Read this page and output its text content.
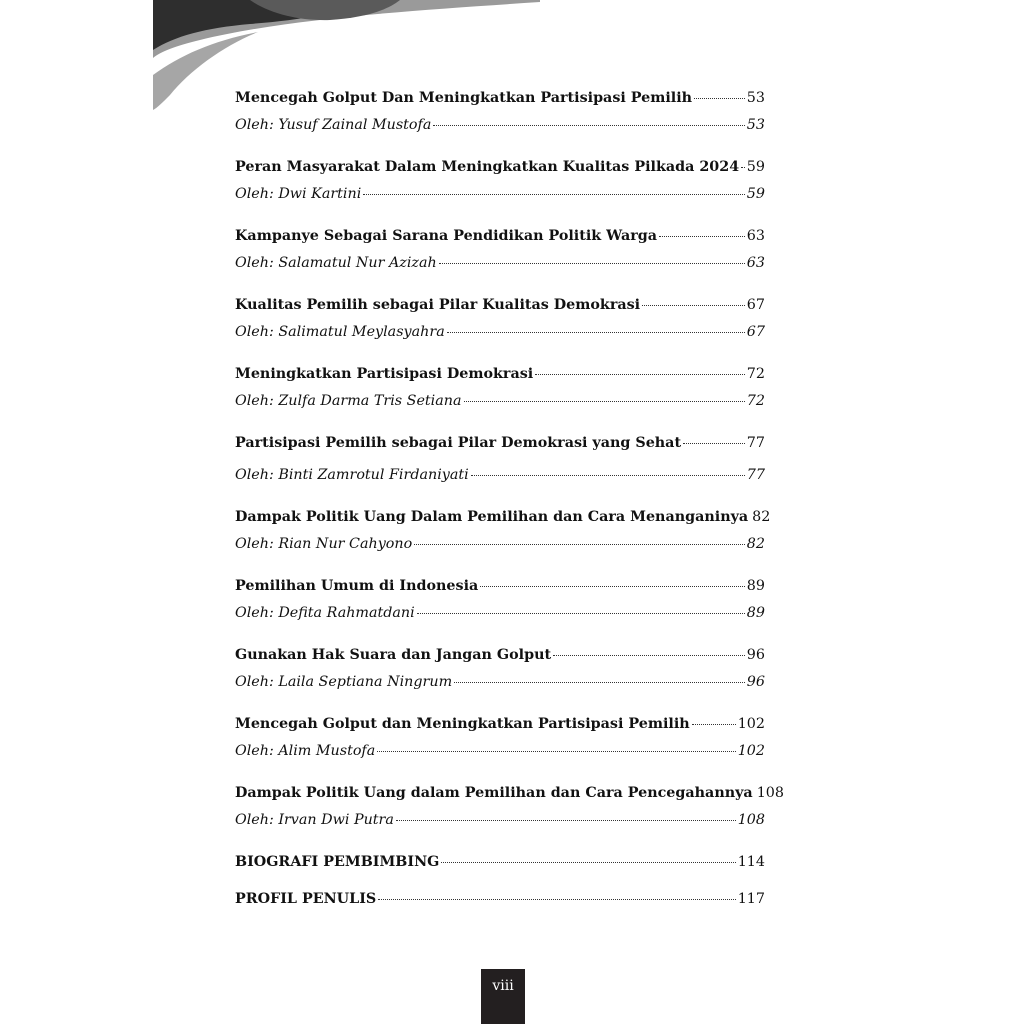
Mencegah Golput Dan Meningkatkan Partisipasi Pemilih	53
Oleh: Yusuf Zainal Mustofa	53
Peran Masyarakat Dalam Meningkatkan Kualitas Pilkada 2024 59
Oleh: Dwi Kartini	59
Kampanye Sebagai Sarana Pendidikan Politik Warga	63
Oleh: Salamatul Nur Azizah	63
Kualitas Pemilih sebagai Pilar Kualitas Demokrasi	67
Oleh: Salimatul Meylasyahra	67
Meningkatkan Partisipasi Demokrasi	72
Oleh: Zulfa Darma Tris Setiana	72
Partisipasi Pemilih sebagai Pilar Demokrasi yang Sehat	77
Oleh: Binti Zamrotul Firdaniyati	77
Dampak Politik Uang Dalam Pemilihan dan Cara Menanganinya 82
Oleh: Rian Nur Cahyono	82
Pemilihan Umum di Indonesia	89
Oleh: Defita Rahmatdani	89
Gunakan Hak Suara dan Jangan Golput	96
Oleh: Laila Septiana Ningrum	96
Mencegah Golput dan Meningkatkan Partisipasi Pemilih	102
Oleh: Alim Mustofa	102
Dampak Politik Uang dalam Pemilihan dan Cara Pencegahannya 108
Oleh: Irvan Dwi Putra	108
BIOGRAFI PEMBIMBING	114
PROFIL PENULIS	117
viii
